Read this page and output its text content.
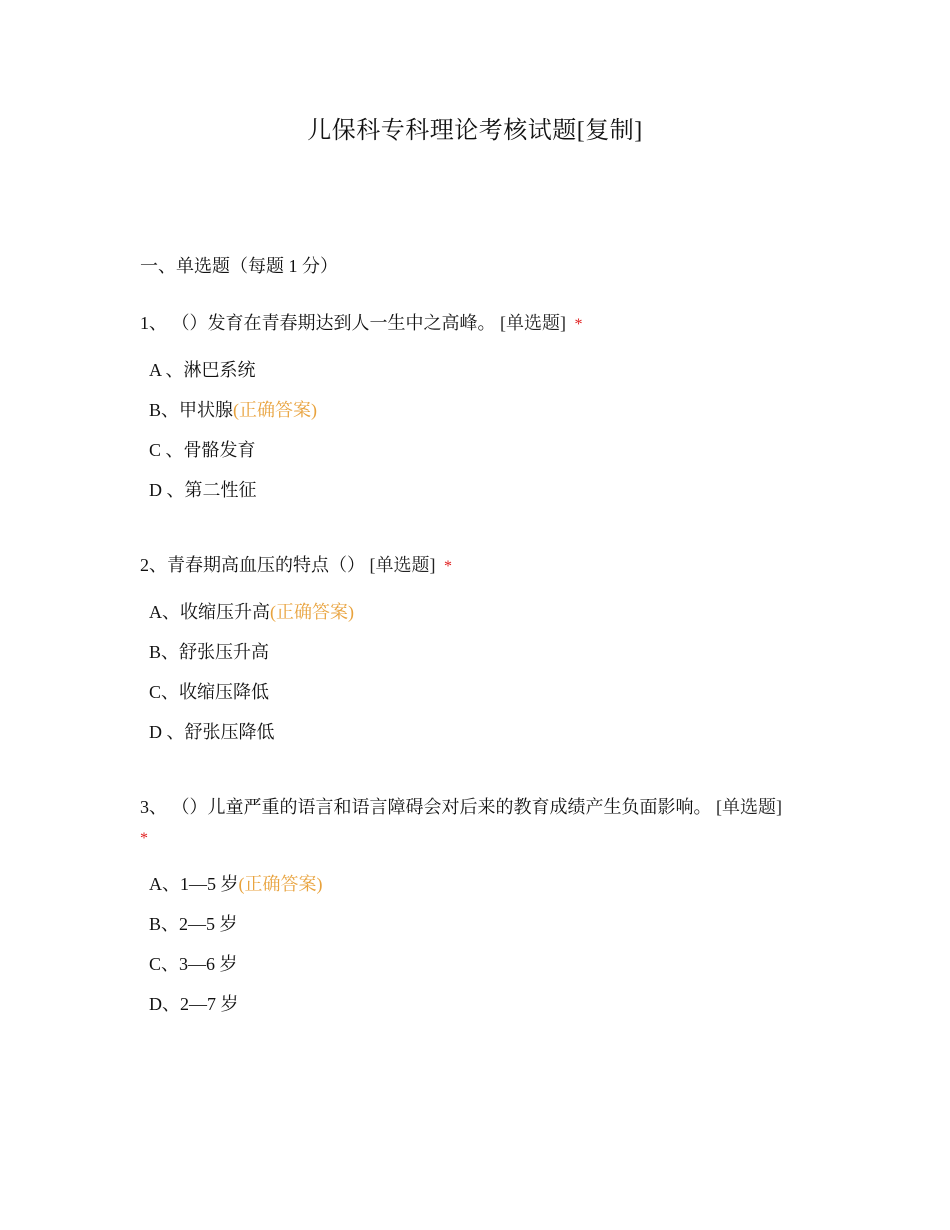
儿保科专科理论考核试题[复制]
一、单选题（每题 1 分）
1、 （）发育在青春期达到人一生中之高峰。 [单选题] *
A 、淋巴系统
B、甲状腺(正确答案)
C 、骨骼发育
D 、第二性征
2、青春期高血压的特点（） [单选题] *
A、收缩压升高(正确答案)
B、舒张压升高
C、收缩压降低
D 、舒张压降低
3、 （）儿童严重的语言和语言障碍会对后来的教育成绩产生负面影响。 [单选题]
*
A、1—5 岁(正确答案)
B、2—5 岁
C、3—6 岁
D、2—7 岁
